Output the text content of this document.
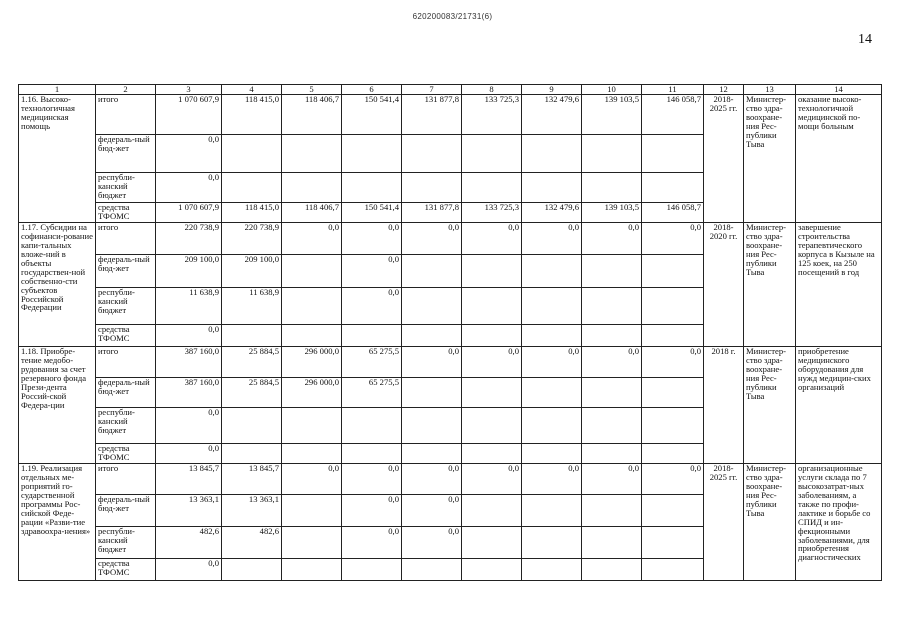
620200083/21731(6)
14
1	2	3	4	5	6	7	8	9	10	11	12	13	14
1.16. Высоко-технологичная медицинская помощь	итого	1 070 607,9	118 415,0	118 406,7	150 541,4	131 877,8	133 725,3	132 479,6	139 103,5	146 058,7	2018-2025 гг.	Министер-ство здра-воохране-ния Рес-публики Тыва	оказание высоко-технологичной медицинской по-мощи больным
	федераль-ный бюд-жет	0,0											
	республи-канский бюджет	0,0											
	средства ТФОМС	1 070 607,9	118 415,0	118 406,7	150 541,4	131 877,8	133 725,3	132 479,6	139 103,5	146 058,7			
1.17. Субсидии на софинанси-рование капи-тальных вложе-ний в объекты государствен-ной собственно-сти субъектов Российской Федерации	итого	220 738,9	220 738,9	0,0	0,0	0,0	0,0	0,0	0,0	0,0	2018-2020 гг.	Министер-ство здра-воохране-ния Рес-публики Тыва	завершение строительства терапевтического корпуса в Кызыле на 125 коек, на 250 посещений в год
	федераль-ный бюд-жет	209 100,0	209 100,0		0,0								
	республи-канский бюджет	11 638,9	11 638,9		0,0								
	средства ТФОМС	0,0											
1.18. Приобре-тение медобо-рудования за счет резервного фонда Прези-дента Россий-ской Федера-ции	итого	387 160,0	25 884,5	296 000,0	65 275,5	0,0	0,0	0,0	0,0	0,0	2018 г.	Министер-ство здра-воохране-ния Рес-публики Тыва	приобретение медицинского оборудования для нужд медицин-ских организаций
	федераль-ный бюд-жет	387 160,0	25 884,5	296 000,0	65 275,5								
	республи-канский бюджет	0,0											
	средства ТФОМС	0,0											
1.19. Реализация отдельных ме-роприятий го-сударственной программы Рос-сийской Феде-рации «Разви-тие здравоохра-нения»	итого	13 845,7	13 845,7	0,0	0,0	0,0	0,0	0,0	0,0	0,0	2018-2025 гг.	Министер-ство здра-воохране-ния Рес-публики Тыва	организационные услуги склада по 7 высокозатрат-ных заболеваниям, а также по профи-лактике и борьбе со СПИД и ин-фекционными заболеваниями, для приобретения диагностических
	федераль-ный бюд-жет	13 363,1	13 363,1		0,0	0,0							
	республи-канский бюджет	482,6	482,6		0,0	0,0							
	средства ТФОМС	0,0											
